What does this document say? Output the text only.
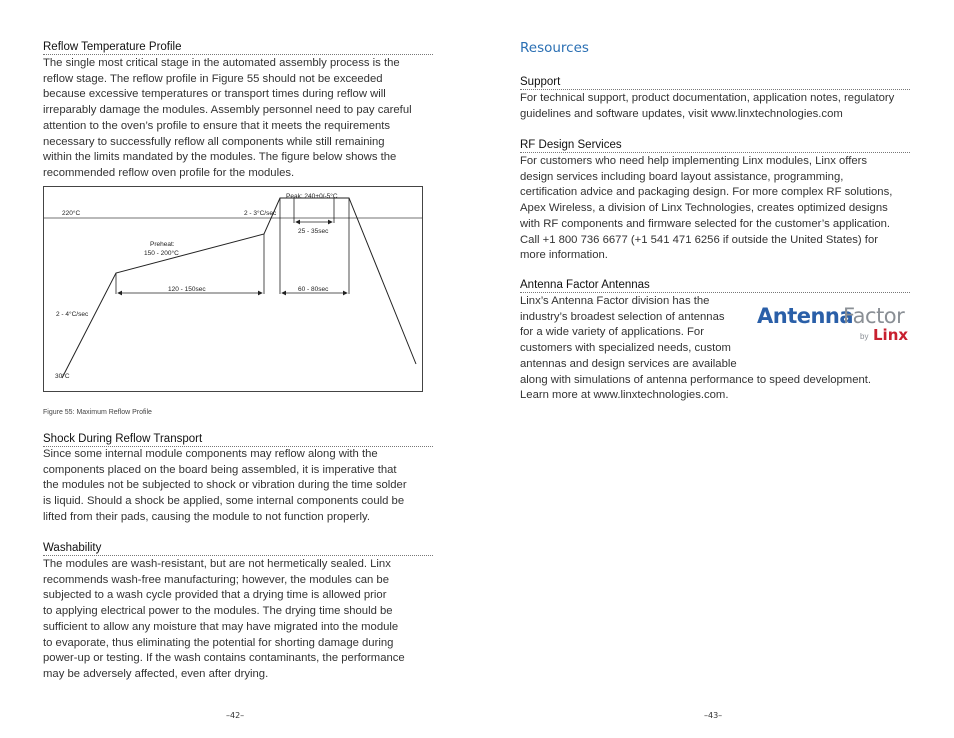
Reflow Temperature Profile
The single most critical stage in the automated assembly process is the
reflow stage. The reflow profile in Figure 55 should not be exceeded
because excessive temperatures or transport times during reflow will
irreparably damage the modules. Assembly personnel need to pay careful
attention to the oven’s profile to ensure that it meets the requirements
necessary to successfully reflow all components while still remaining
within the limits mandated by the modules. The figure below shows the
recommended reflow oven profile for the modules.
Peak: 240+0/-5°C
220°C	2 - 3°C/sec
25 - 35sec
Preheat:
150 - 200°C
120 - 150sec	60 - 80sec
2 - 4°C/sec
30°C
Figure 55: Maximum Reflow Profile
Shock During Reflow Transport
Since some internal module components may reflow along with the
components placed on the board being assembled, it is imperative that
the modules not be subjected to shock or vibration during the time solder
is liquid. Should a shock be applied, some internal components could be
lifted from their pads, causing the module to not function properly.
Washability
The modules are wash-resistant, but are not hermetically sealed. Linx
recommends wash-free manufacturing; however, the modules can be
subjected to a wash cycle provided that a drying time is allowed prior
to applying electrical power to the modules. The drying time should be
sufficient to allow any moisture that may have migrated into the module
to evaporate, thus eliminating the potential for shorting damage during
power-up or testing. If the wash contains contaminants, the performance
may be adversely affected, even after drying.
–42–
Resources
Support
For technical support, product documentation, application notes, regulatory
guidelines and software updates, visit www.linxtechnologies.com
RF Design Services
For customers who need help implementing Linx modules, Linx offers
design services including board layout assistance, programming,
certification advice and packaging design. For more complex RF solutions,
Apex Wireless, a division of Linx Technologies, creates optimized designs
with RF components and firmware selected for the customer’s application.
Call +1 800 736 6677 (+1 541 471 6256 if outside the United States) for
more information.
Antenna Factor Antennas
Linx’s Antenna Factor division has the
industry’s broadest selection of antennas
for a wide variety of applications. For
customers with specialized needs, custom
antennas and design services are available
along with simulations of antenna performance to speed development.
Learn more at www.linxtechnologies.com.
Antenna
Factor
by Linx
–43–
